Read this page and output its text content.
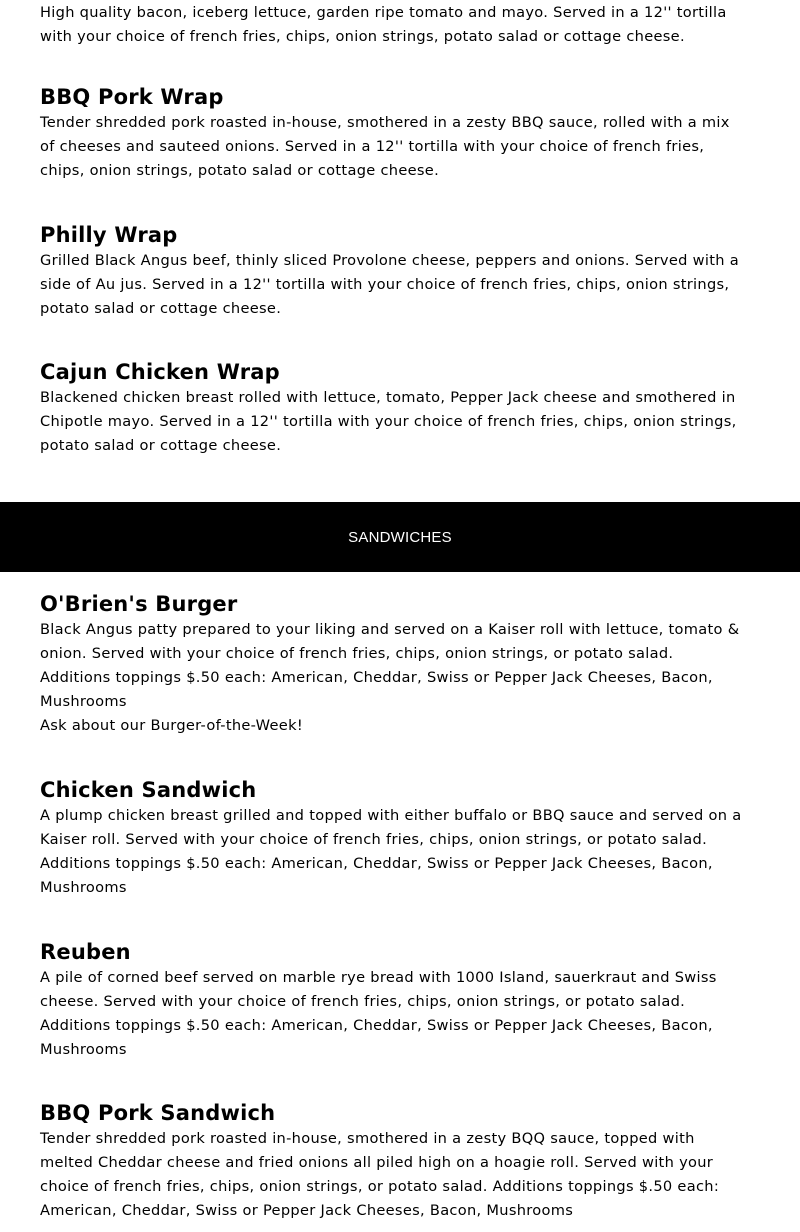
High quality bacon, iceberg lettuce, garden ripe tomato and mayo. Served in a 12'' tortilla
with your choice of french fries, chips, onion strings, potato salad or cottage cheese.

BBQ Pork Wrap

Tender shredded pork roasted in-house, smothered in a zesty BBQ sauce, rolled with a mix
of cheeses and sauteed onions. Served in a 12'' tortilla with your choice of french fries,
chips, onion strings, potato salad or cottage cheese.

Philly Wrap

Grilled Black Angus beef, thinly sliced Provolone cheese, peppers and onions. Served with a
side of Au jus. Served in a 12'' tortilla with your choice of french fries, chips, onion strings,
potato salad or cottage cheese.

Cajun Chicken Wrap

Blackened chicken breast rolled with lettuce, tomato, Pepper Jack cheese and smothered in
Chipotle mayo. Served in a 12'' tortilla with your choice of french fries, chips, onion strings,
potato salad or cottage cheese.

SANDWICHES
O'Brien's Burger

Black Angus patty prepared to your liking and served on a Kaiser roll with lettuce, tomato &
onion. Served with your choice of french fries, chips, onion strings, or potato salad.
Additions toppings $.50 each: American, Cheddar, Swiss or Pepper Jack Cheeses, Bacon,
Mushrooms
Ask about our Burger-of-the-Week!

Chicken Sandwich

A plump chicken breast grilled and topped with either buffalo or BBQ sauce and served on a
Kaiser roll. Served with your choice of french fries, chips, onion strings, or potato salad.
Additions toppings $.50 each: American, Cheddar, Swiss or Pepper Jack Cheeses, Bacon,
Mushrooms

Reuben

A pile of corned beef served on marble rye bread with 1000 Island, sauerkraut and Swiss
cheese. Served with your choice of french fries, chips, onion strings, or potato salad.
Additions toppings $.50 each: American, Cheddar, Swiss or Pepper Jack Cheeses, Bacon,
Mushrooms

BBQ Pork Sandwich

Tender shredded pork roasted in-house, smothered in a zesty BQQ sauce, topped with
melted Cheddar cheese and fried onions all piled high on a hoagie roll. Served with your
choice of french fries, chips, onion strings, or potato salad. Additions toppings $.50 each:
American, Cheddar, Swiss or Pepper Jack Cheeses, Bacon, Mushrooms
